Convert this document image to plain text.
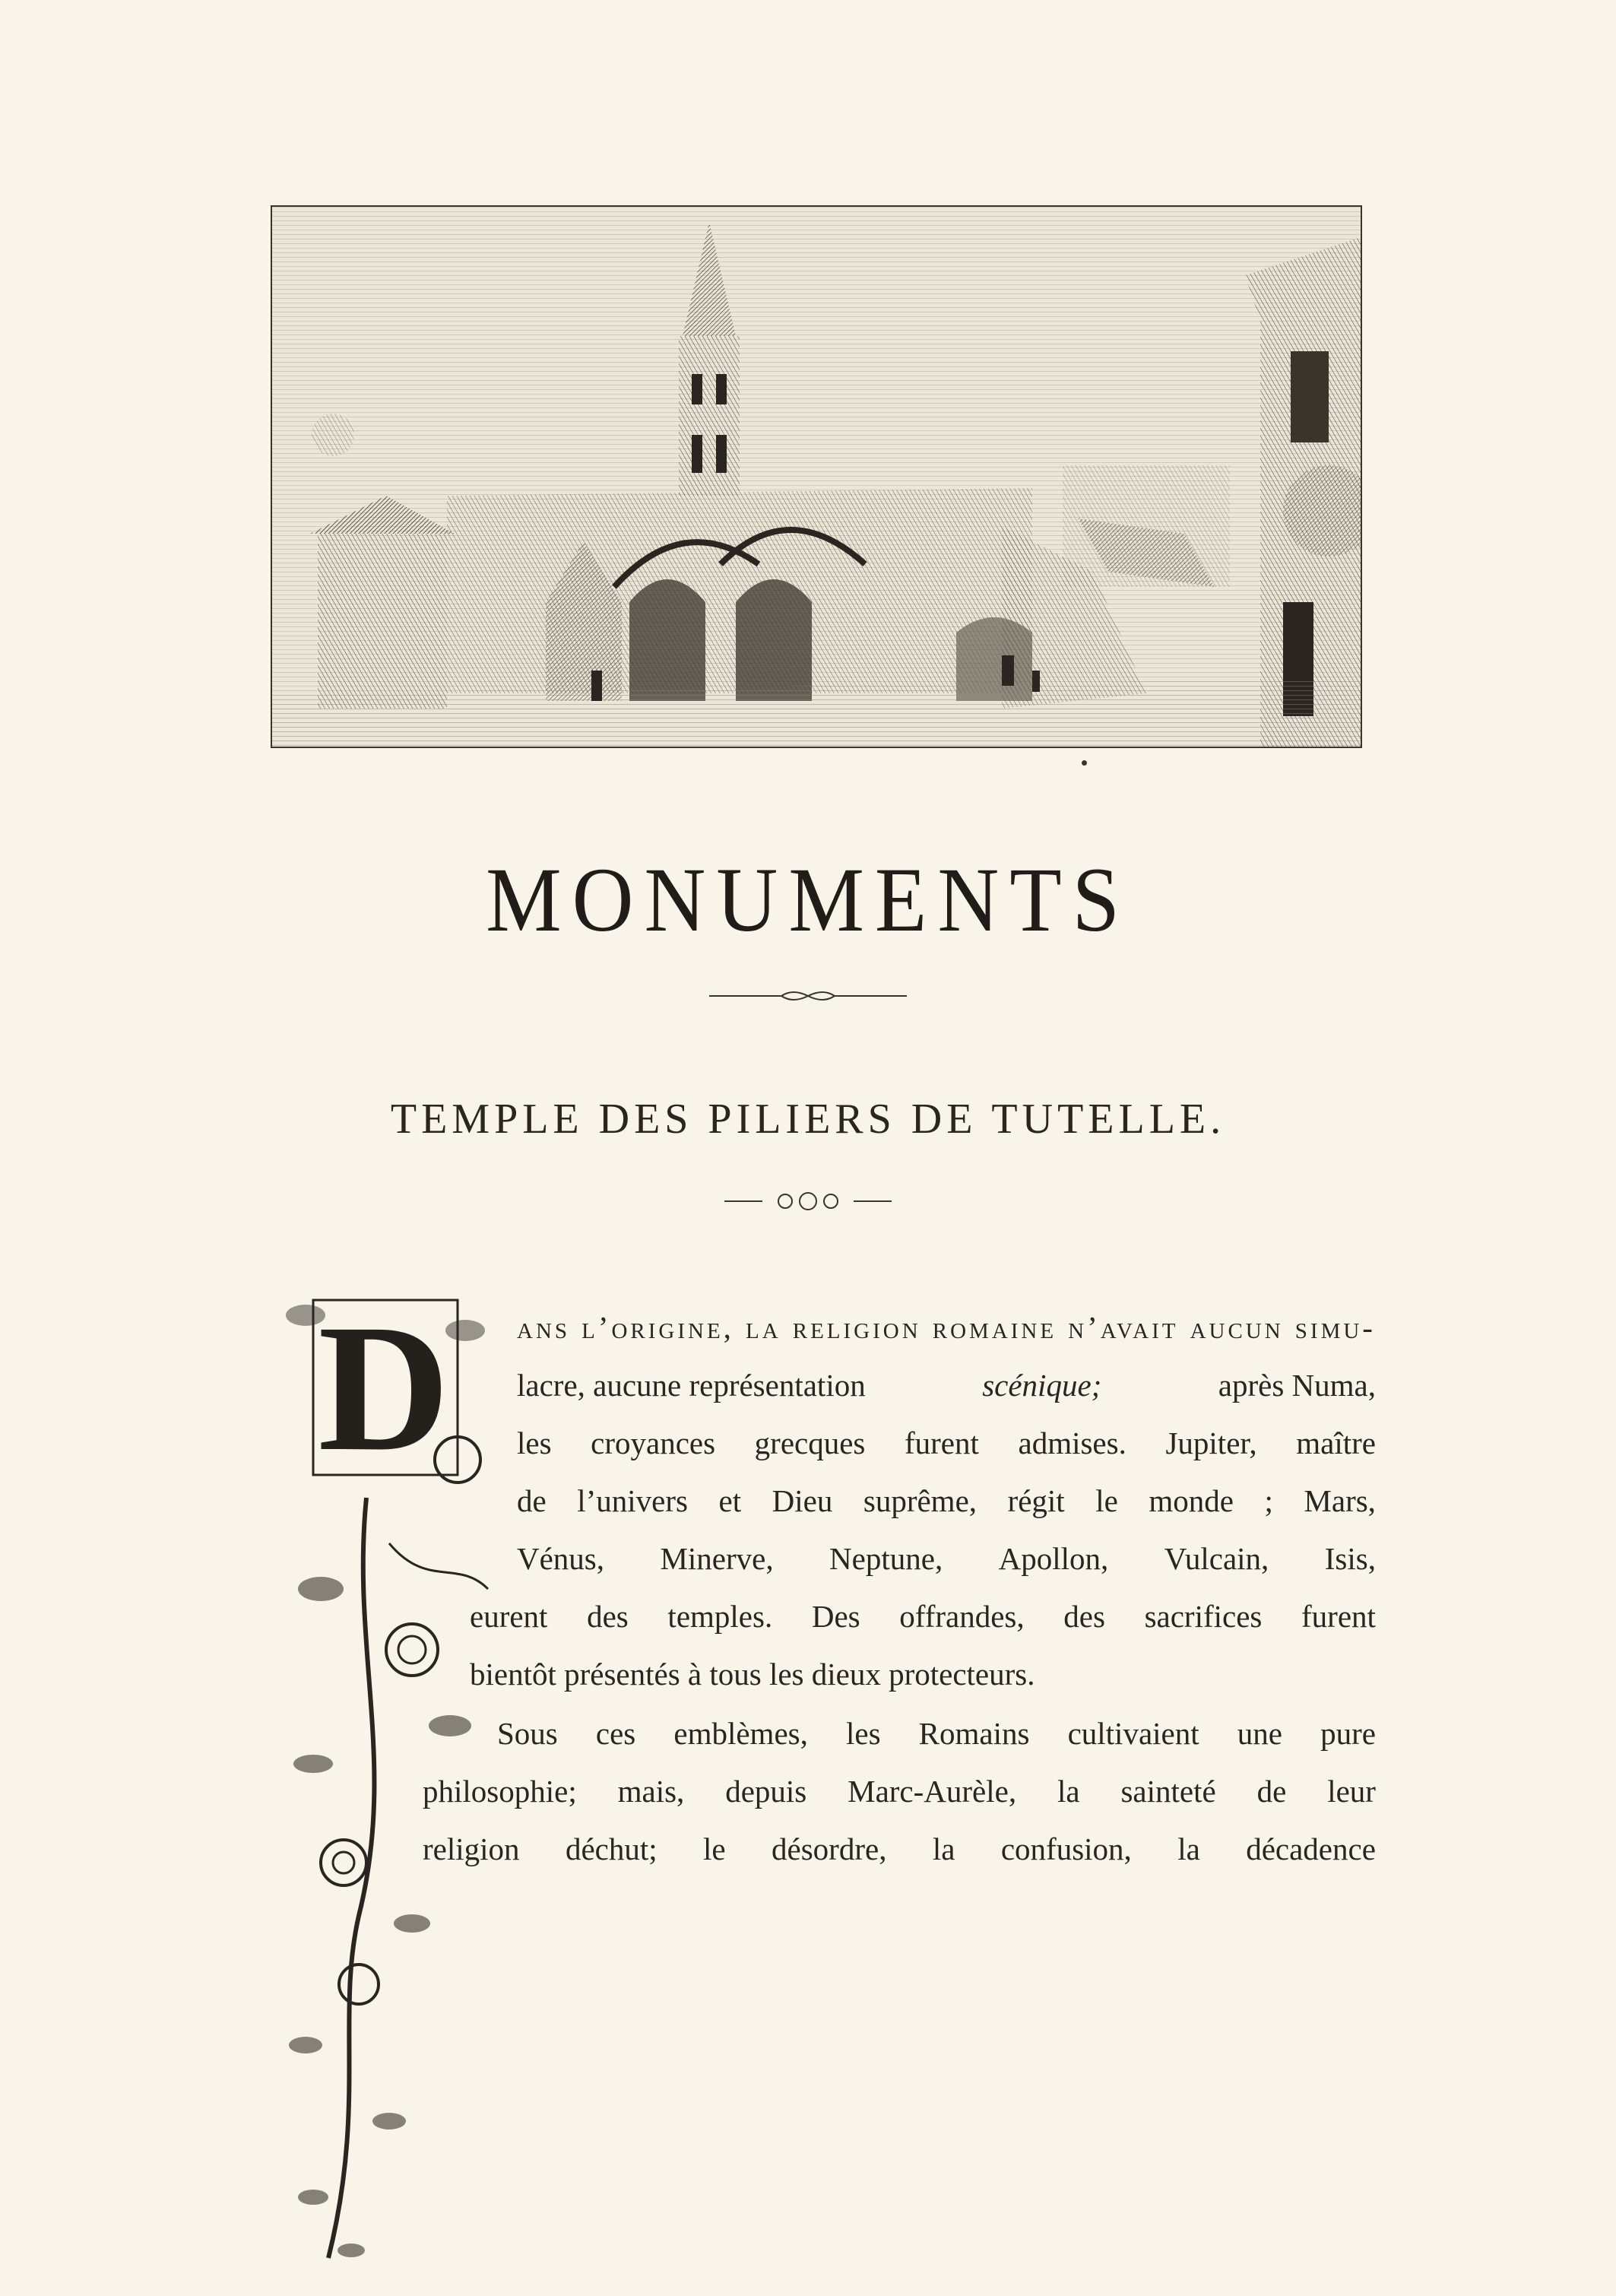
MONUMENTS
TEMPLE DES PILIERS DE TUTELLE.
D ans l’origine, la religion romaine n’avait aucun simu-
lacre, aucune représentation	scénique;	après Numa,
les croyances grecques furent admises. Jupiter, maître
de l’univers et Dieu suprême, régit le monde ; Mars,
Vénus, Minerve, Neptune, Apollon, Vulcain, Isis,
eurent des temples. Des offrandes, des sacrifices furent
bientôt présentés à tous les dieux protecteurs.
Sous ces emblèmes, les Romains cultivaient une pure
philosophie; mais, depuis Marc-Aurèle, la sainteté de leur
religion déchut; le désordre, la confusion, la décadence
